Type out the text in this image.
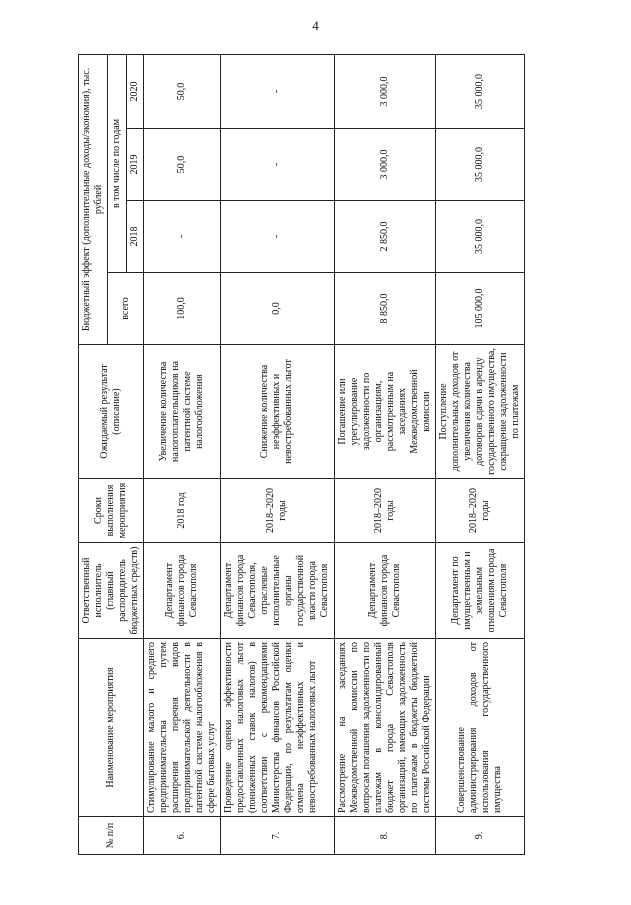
4
№ п/п	Наименование мероприятия	Ответственный исполнитель (главный распорядитель бюджетных средств)	Сроки выполнения мероприятия	Ожидаемый результат (описание)	Бюджетный эффект (дополнительные доходы/экономия), тыс. рублей			
					всего	в том числе по годам		
						2018	2019	2020
6.	Стимулирование малого и среднего предпринимательства путем расширения перечня видов предпринимательской деятельности в патентной системе налогообложения в сфере бытовых услуг	Департамент финансов города Севастополя	2018 год	Увеличение количества налогоплательщиков на патентной системе налогообложения	100,0	-	50,0	50,0
7.	Проведение оценки эффективности предоставленных налоговых льгот (пониженных ставок налогов) в соответствии с рекомендациями Министерства финансов Российской Федерации, по результатам оценки отмена неэффективных и невостребованных налоговых льгот	Департамент финансов города Севастополя, отраслевые исполнительные органы государственной власти города Севастополя	2018–2020 годы	Снижение количества неэффективных и невостребованных льгот	0,0	-	-	-
8.	Рассмотрение на заседаниях Межведомственной комиссии по вопросам погашения задолженности по платежам в консолидированный бюджет города Севастополя организаций, имеющих задолженность по платежам в бюджеты бюджетной системы Российской Федерации	Департамент финансов города Севастополя	2018–2020 годы	Погашение или урегулирование задолженности по организациям, рассмотренным на заседаниях Межведомственной комиссии	8 850,0	2 850,0	3 000,0	3 000,0
9.	Совершенствование администрирования доходов от использования государственного имущества	Департамент по имущественным и земельным отношениям города Севастополя	2018–2020 годы	Поступление дополнительных доходов от увеличения количества договоров сдачи в аренду государственного имущества, сокращение задолженности по платежам	105 000,0	35 000,0	35 000,0	35 000,0
